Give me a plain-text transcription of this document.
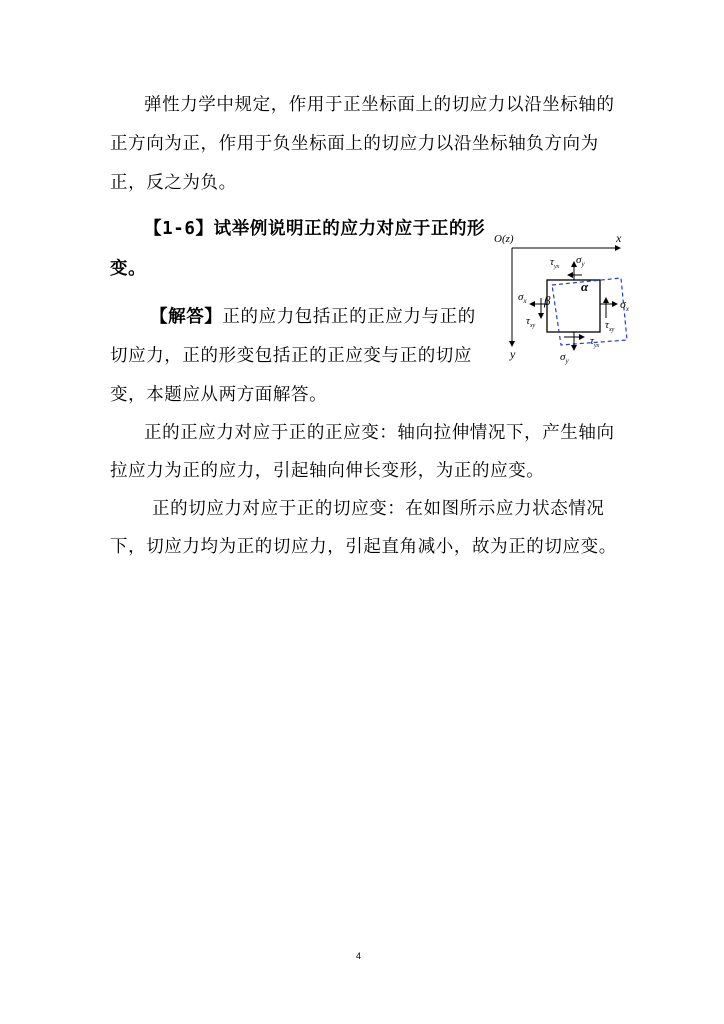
弹性力学中规定，作用于正坐标面上的切应力以沿坐标轴的
正方向为正，作用于负坐标面上的切应力以沿坐标轴负方向为
正，反之为负。
【1-6】试举例说明正的应力对应于正的形
变。
【解答】正的应力包括正的正应力与正的
切应力，正的形变包括正的正应变与正的切应
变，本题应从两方面解答。
正的正应力对应于正的正应变：轴向拉伸情况下，产生轴向
拉应力为正的应力，引起轴向伸长变形，为正的应变。
正的切应力对应于正的切应变：在如图所示应力状态情况
下，切应力均为正的切应力，引起直角减小，故为正的切应变。
O(z)	x
y
$\sigma_y$
$\tau_{yx}$
α
β
$\sigma_x$
$\tau_{xy}$
$\sigma_x$
$\tau_{xy}$
$\sigma_y$
$\tau_{yx}$
4
